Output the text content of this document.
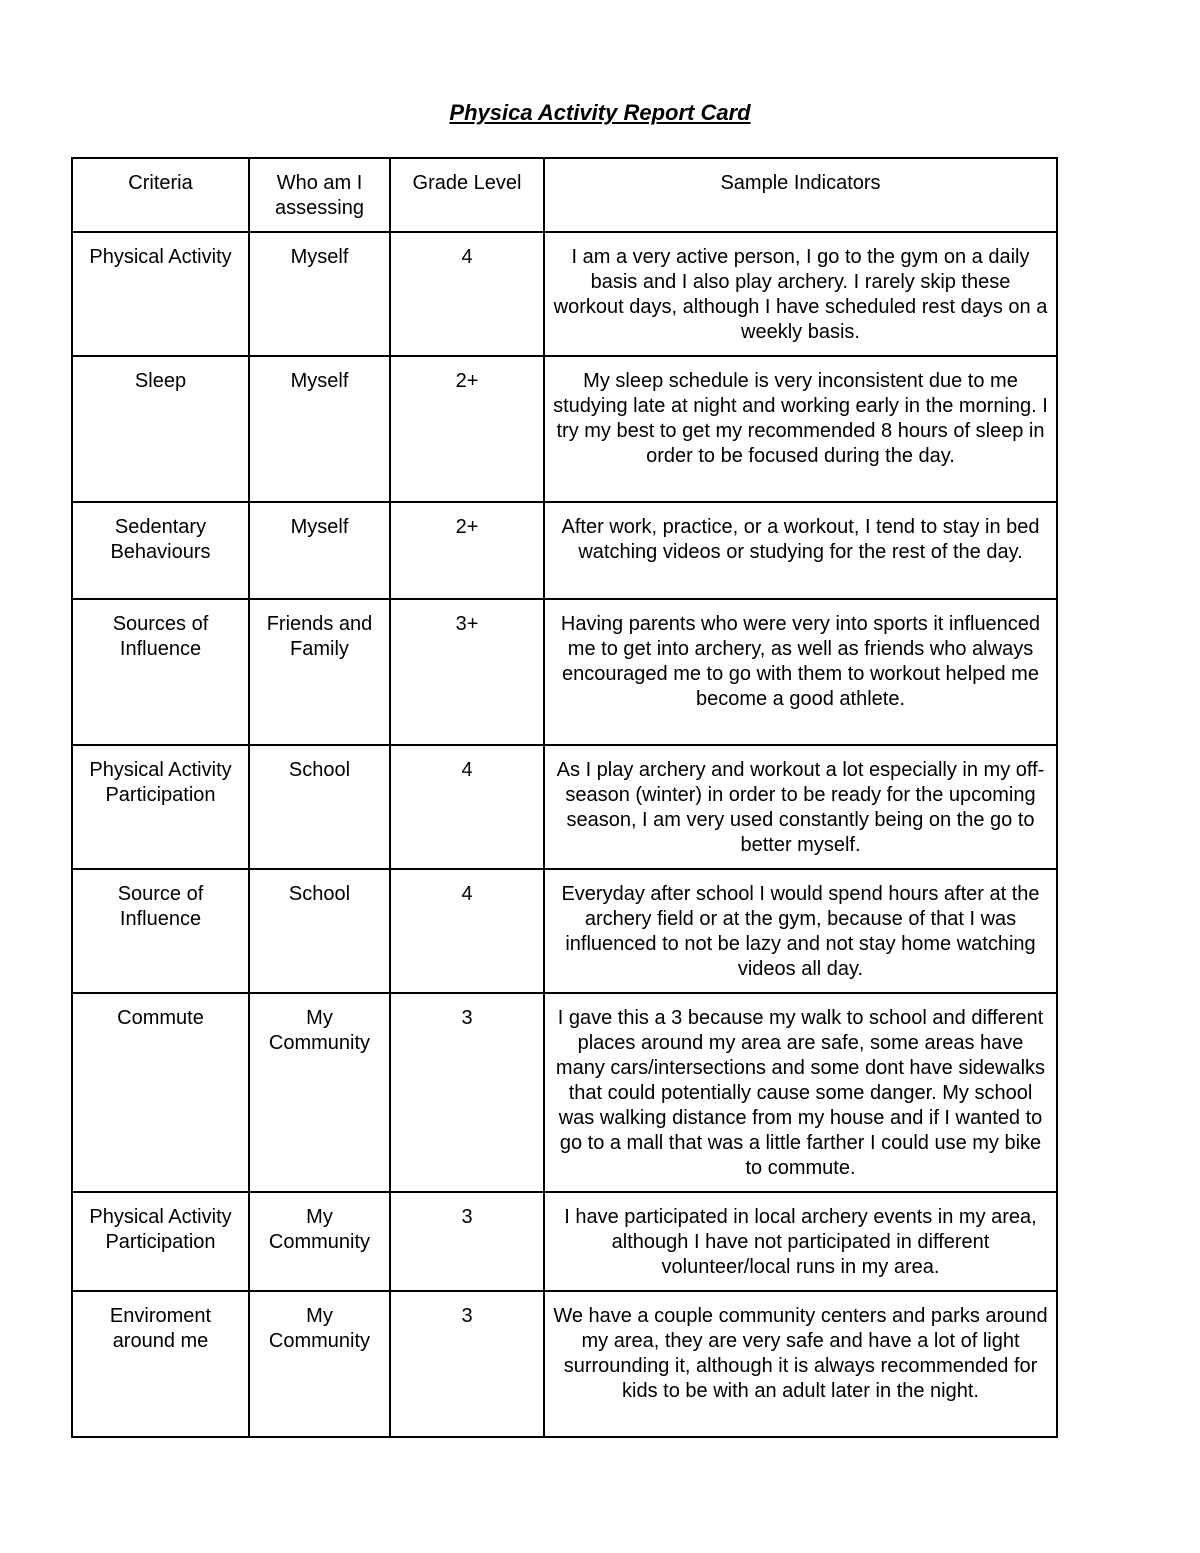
Physica Activity Report Card
Criteria	Who am I assessing	Grade Level	Sample Indicators
Physical Activity	Myself	4	I am a very active person, I go to the gym on a daily basis and I also play archery. I rarely skip these workout days, although I have scheduled rest days on a weekly basis.
Sleep	Myself	2+	My sleep schedule is very inconsistent due to me studying late at night and working early in the morning. I try my best to get my recommended 8 hours of sleep in order to be focused during the day.
Sedentary Behaviours	Myself	2+	After work, practice, or a workout, I tend to stay in bed watching videos or studying for the rest of the day.
Sources of Influence	Friends and Family	3+	Having parents who were very into sports it influenced me to get into archery, as well as friends who always encouraged me to go with them to workout helped me become a good athlete.
Physical Activity Participation	School	4	As I play archery and workout a lot especially in my off-season (winter) in order to be ready for the upcoming season, I am very used constantly being on the go to better myself.
Source of Influence	School	4	Everyday after school I would spend hours after at the archery field or at the gym, because of that I was influenced to not be lazy and not stay home watching videos all day.
Commute	My Community	3	I gave this a 3 because my walk to school and different places around my area are safe, some areas have many cars/intersections and some dont have sidewalks that could potentially cause some danger. My school was walking distance from my house and if I wanted to go to a mall that was a little farther I could use my bike to commute.
Physical Activity Participation	My Community	3	I have participated in local archery events in my area, although I have not participated in different volunteer/local runs in my area.
Enviroment around me	My Community	3	We have a couple community centers and parks around my area, they are very safe and have a lot of light surrounding it, although it is always recommended for kids to be with an adult later in the night.
